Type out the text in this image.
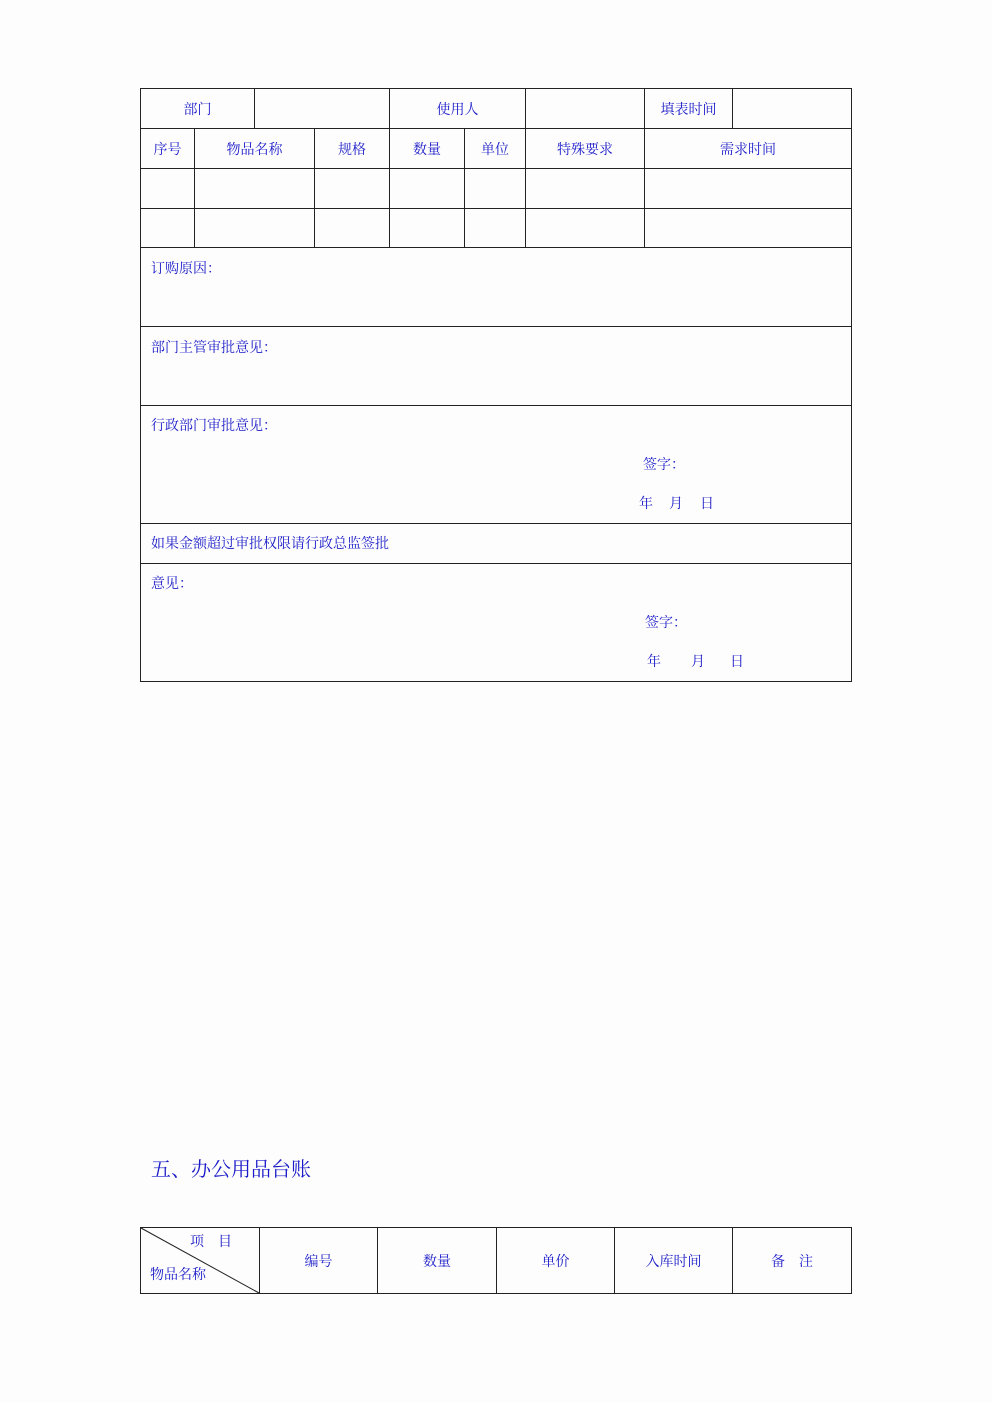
部门	使用人	填表时间
序号	物品名称	规格	数量	单位	特殊要求	需求时间
订购原因：
部门主管审批意见：
行政部门审批意见：
签字：
年 月 日
如果金额超过审批权限请行政总监签批
意见：
签字：
年 月 日
五、办公用品台账
项　目
物品名称
编号	数量	单价	入库时间	备　注
